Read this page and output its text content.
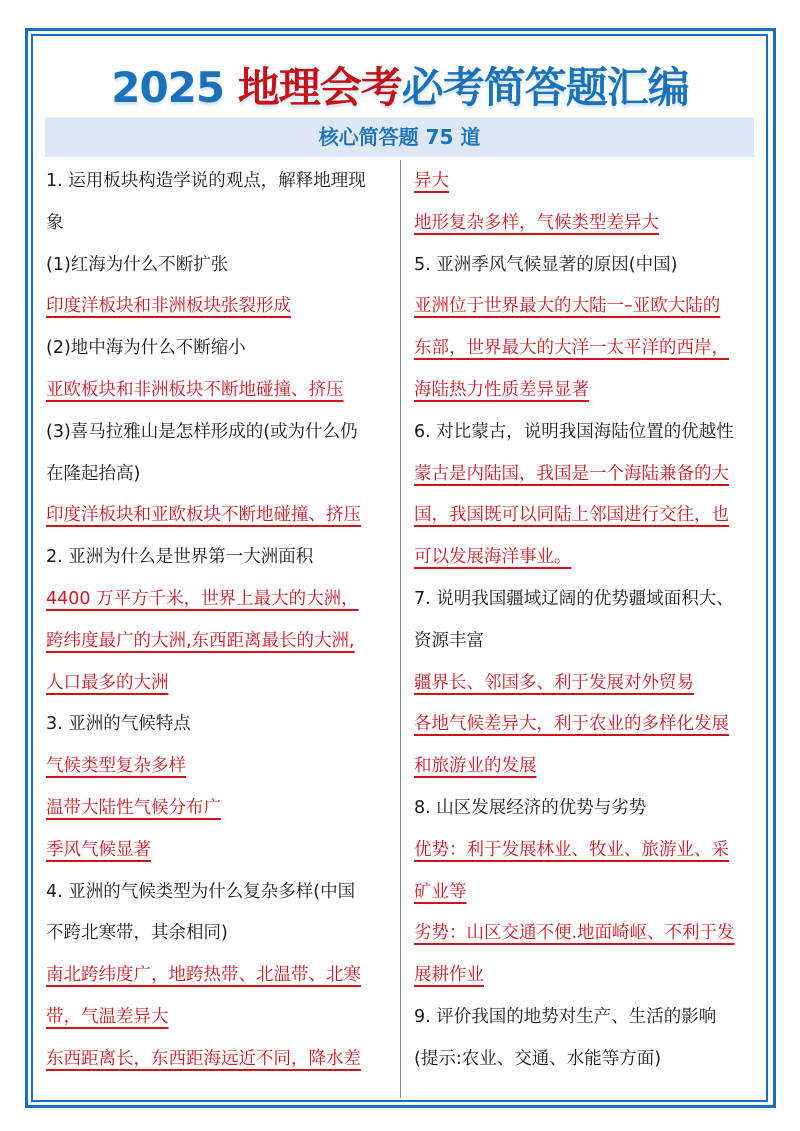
2025 地理会考必考简答题汇编
核心简答题 75 道
1. 运用板块构造学说的观点，解释地理现
象
(1)红海为什么不断扩张
印度洋板块和非洲板块张裂形成
(2)地中海为什么不断缩小
亚欧板块和非洲板块不断地碰撞、挤压
(3)喜马拉雅山是怎样形成的(或为什么仍
在隆起抬高)
印度洋板块和亚欧板块不断地碰撞、挤压
2. 亚洲为什么是世界第一大洲面积
4400 万平方千米，世界上最大的大洲，
跨纬度最广的大洲,东西距离最长的大洲,
人口最多的大洲
3. 亚洲的气候特点
气候类型复杂多样
温带大陆性气候分布广
季风气候显著
4. 亚洲的气候类型为什么复杂多样(中国
不跨北寒带，其余相同)
南北跨纬度广，地跨热带、北温带、北寒
带，气温差异大
东西距离长，东西距海远近不同，降水差
异大
地形复杂多样，气候类型差异大
5. 亚洲季风气候显著的原因(中国)
亚洲位于世界最大的大陆一–亚欧大陆的
东部，世界最大的大洋一太平洋的西岸，
海陆热力性质差异显著
6. 对比蒙古，说明我国海陆位置的优越性
蒙古是内陆国，我国是一个海陆兼备的大
国，我国既可以同陆上邻国进行交往，也
可以发展海洋事业。
7. 说明我国疆域辽阔的优势疆域面积大、
资源丰富
疆界长、邻国多、利于发展对外贸易
各地气候差异大，利于农业的多样化发展
和旅游业的发展
8. 山区发展经济的优势与劣势
优势：利于发展林业、牧业、旅游业、采
矿业等
劣势：山区交通不便.地面崎岖、不利于发
展耕作业
9. 评价我国的地势对生产、生活的影响
(提示:农业、交通、水能等方面)
